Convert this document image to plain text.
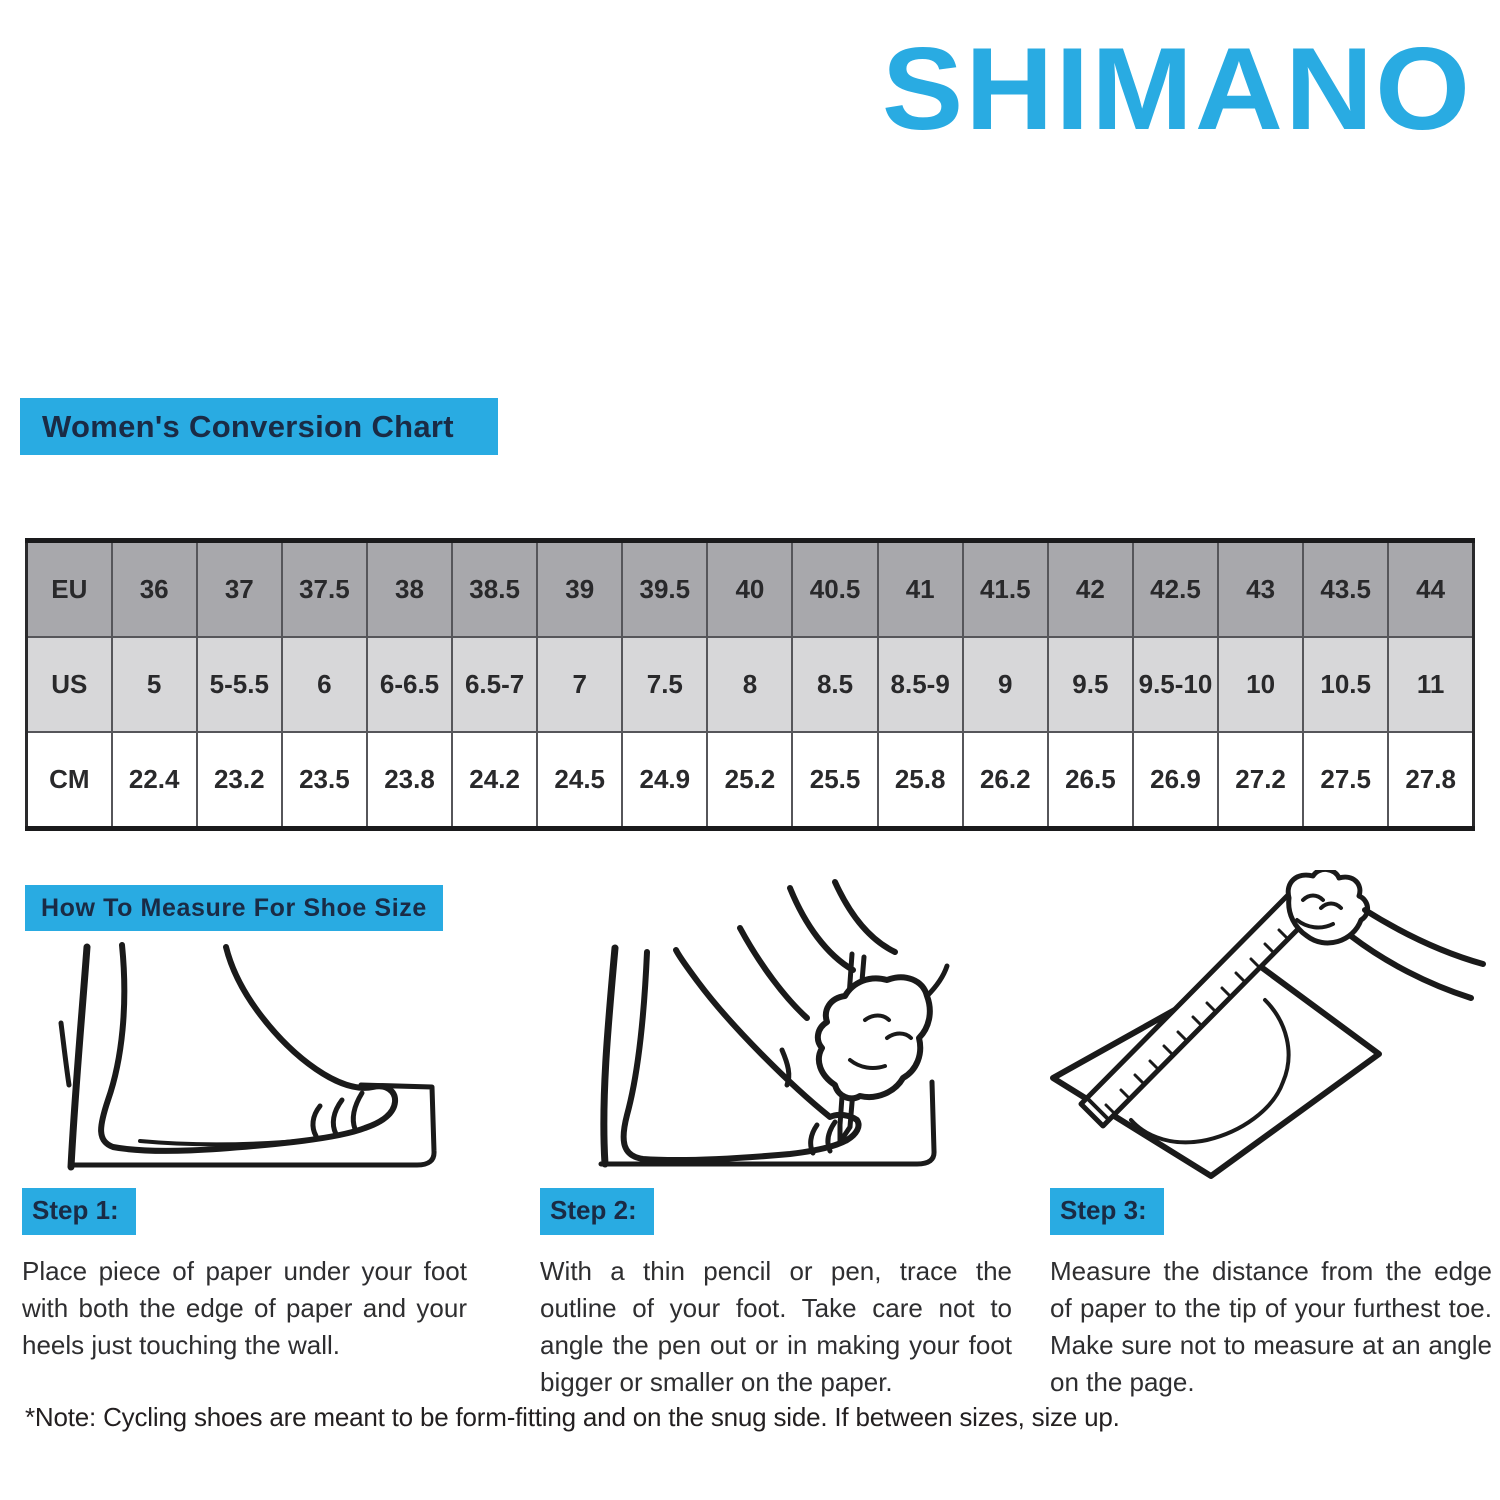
SHIMANO
Women's Conversion Chart
EU	36	37	37.5	38	38.5	39	39.5	40	40.5	41	41.5	42	42.5	43	43.5	44
US	5	5-5.5	6	6-6.5	6.5-7	7	7.5	8	8.5	8.5-9	9	9.5	9.5-10	10	10.5	11
CM	22.4	23.2	23.5	23.8	24.2	24.5	24.9	25.2	25.5	25.8	26.2	26.5	26.9	27.2	27.5	27.8
How To Measure For Shoe Size
Step 1:

Place piece of paper under your foot with both the edge of paper and your heels just touching the wall.

Step 2:

With a thin pencil or pen, trace the outline of your foot. Take care not to angle the pen out or in making your foot bigger or smaller on the paper.

Step 3:

Measure the distance from the edge of paper to the tip of your furthest toe. Make sure not to measure at an angle on the page.

*Note: Cycling shoes are meant to be form-fitting and on the snug side. If between sizes, size up.
